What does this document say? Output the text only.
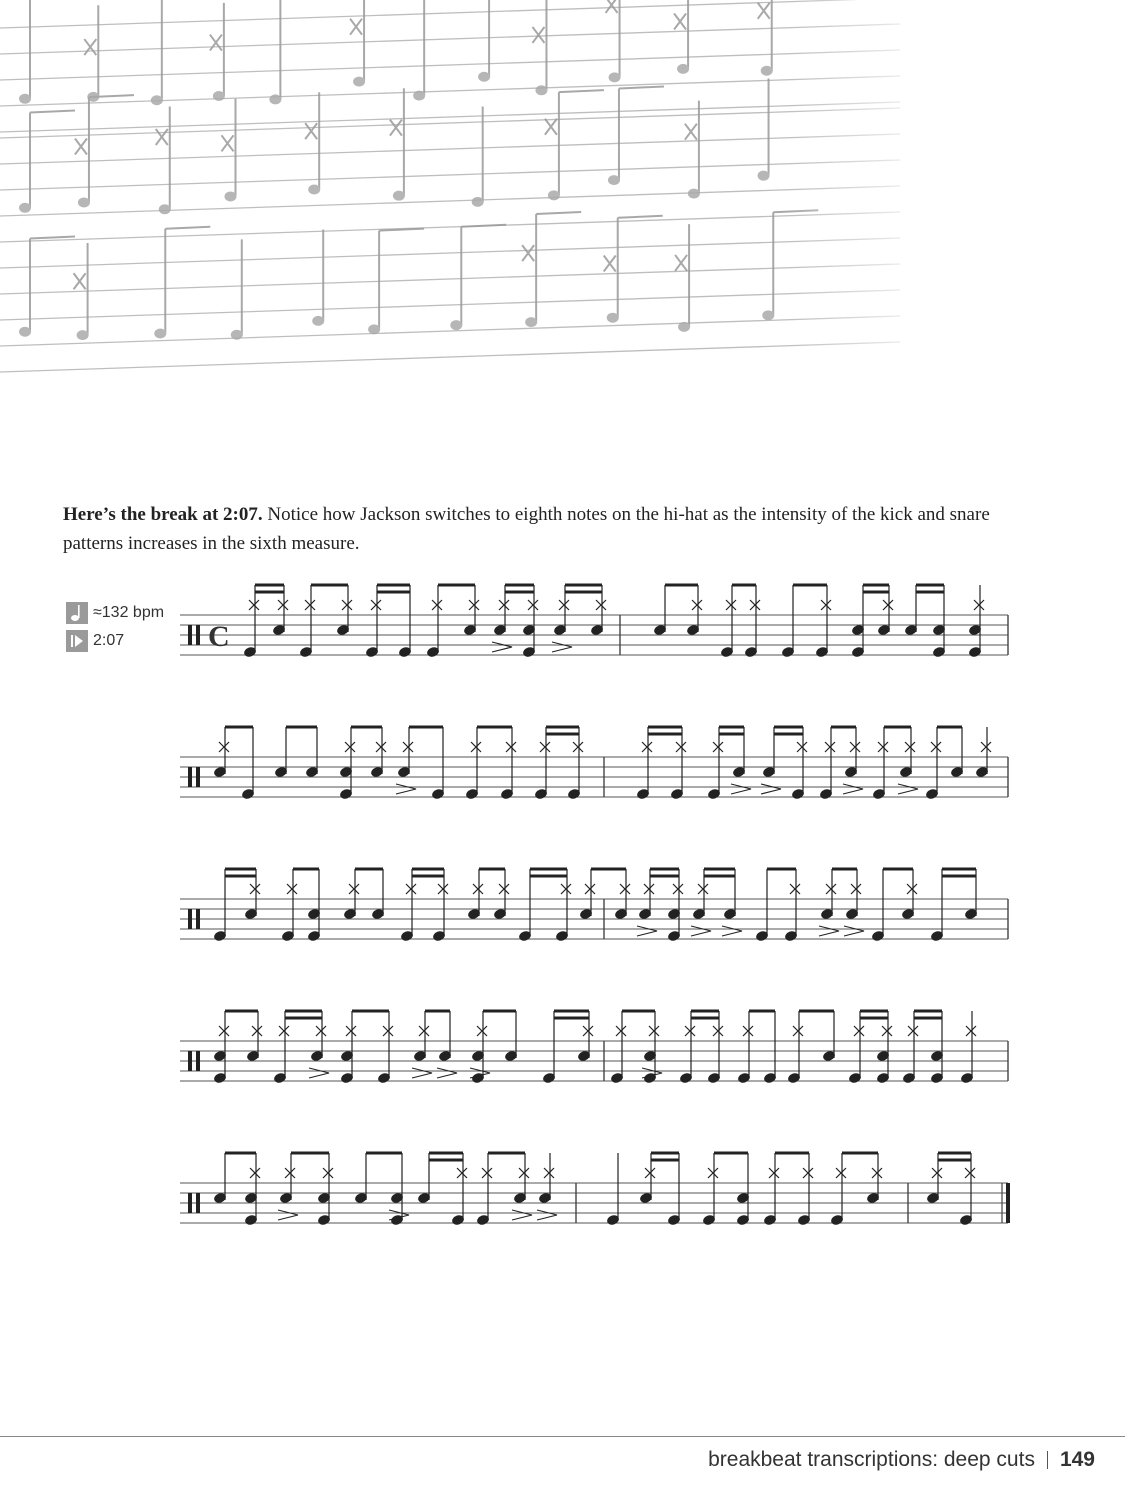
Here’s the break at 2:07. Notice how Jackson switches to eighth notes on the hi-hat as the intensity of the kick and snare patterns increases in the sixth measure.

≈132 bpm
2:07	C
breakbeat transcriptions: deep cuts 149
